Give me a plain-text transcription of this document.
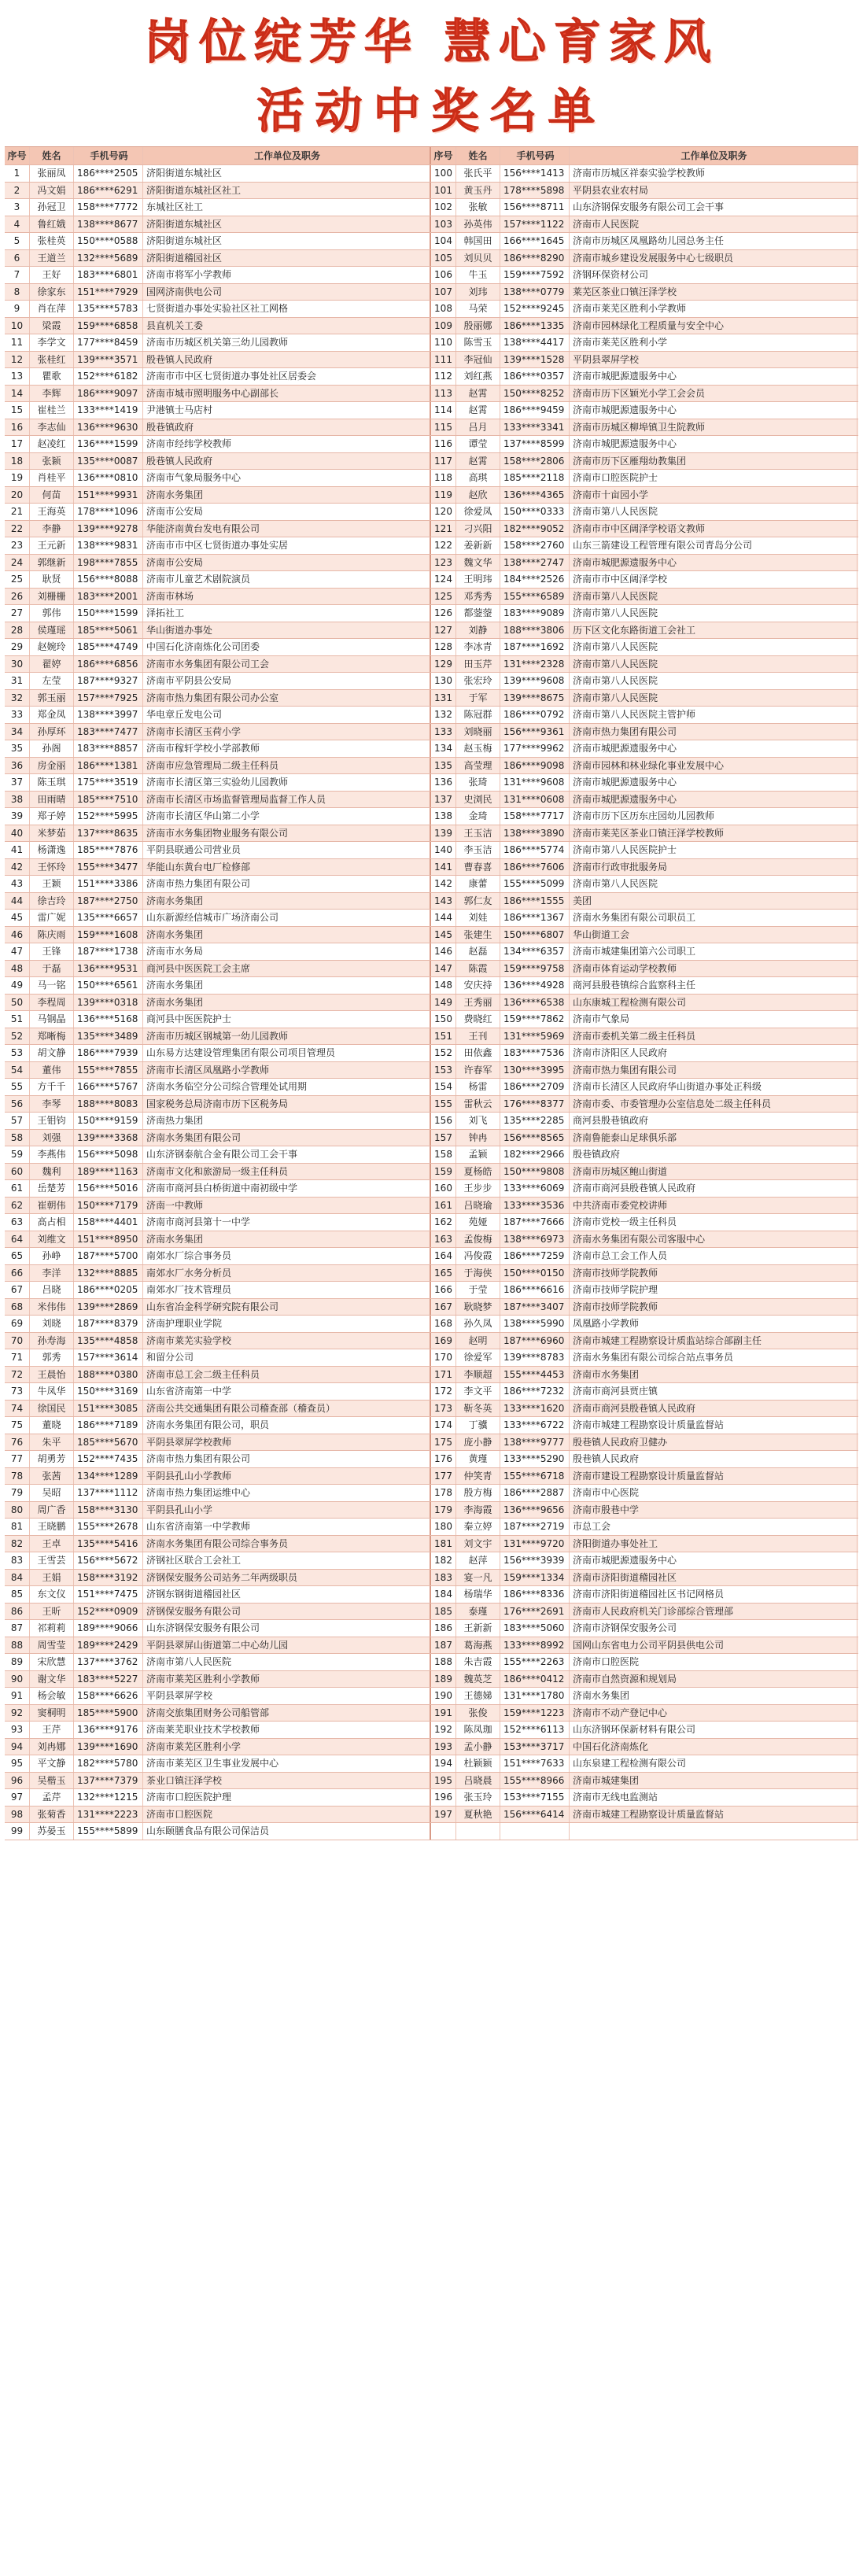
岗位绽芳华 慧心育家风
活动中奖名单
序号	姓名	手机号码	工作单位及职务	序号	姓名	手机号码	工作单位及职务
1	张丽凤	186****2505 济阳街道东城社区	100	张氏平	156****1413 济南市历城区祥泰实验学校教师
2	冯文娟	186****6291 济阳街道东城社区社工	101	黄玉丹	178****5898 平阴县农业农村局
3	孙冠卫	158****7772 东城社区社工	102	张敏	156****8711 山东济钢保安服务有限公司工会干事
4	鲁红娥	138****8677 济阳街道东城社区	103	孙英伟	157****1122 济南市人民医院
5	张桂英	150****0588 济阳街道东城社区	104	韩国田	166****1645 济南市历城区凤凰路幼儿园总务主任
6	王道兰	132****5689 济阳街道稽园社区	105	刘贝贝	186****8290 济南市城乡建设发展服务中心七级职员
7	王好	183****6801 济南市将军小学教师	106	牛玉	159****7592 济钢环保资材公司
8	徐家东	151****7929 国网济南供电公司	107	刘玮	138****0779 莱芜区茶业口镇汪泽学校
9	肖在萍	135****5783 七贤街道办事处实验社区社工网格	108	马荣	152****9245 济南市莱芜区胜利小学教师
10	梁霞	159****6858 县直机关工委	109	殷丽娜	186****1335 济南市园林绿化工程质量与安全中心
11	李学文	177****8459 济南市历城区机关第三幼儿园教师	110	陈雪玉	138****4417 济南市莱芜区胜利小学
12	张桂红	139****3571 殷巷镇人民政府	111	李冠仙	139****1528 平阴县翠屏学校
13	瞿歌	152****6182 济南市市中区七贤街道办事处社区居委会	112	刘红燕	186****0357 济南市城肥源遗服务中心
14	李辉	186****9097 济南市城市照明服务中心副部长	113	赵霄	150****8252 济南市历下区颖光小学工会会员
15	崔桂兰	133****1419 尹港镇士马店村	114	赵霄	186****9459 济南市城肥源遗服务中心
16	李志仙	136****9630 殷巷镇政府	115	吕月	133****3341 济南市历城区柳埠镇卫生院教师
17	赵凌红	136****1599 济南市经纬学校教师	116	谭莹	137****8599 济南市城肥源遗服务中心
18	张颖	135****0087 殷巷镇人民政府	117	赵霄	158****2806 济南市历下区雁翔幼教集团
19	肖桂平	136****0810 济南市气象局服务中心	118	高琪	185****2118 济南市口腔医院护士
20	何苗	151****9931 济南水务集团	119	赵欣	136****4365 济南市十亩园小学
21	王海英	178****1096 济南市公安局	120	徐爱凤	150****0333 济南市第八人民医院
22	李静	139****9278 华能济南黄台发电有限公司	121	刁兴阳	182****9052 济南市市中区阔泽学校语文教师
23	王元新	138****9831 济南市市中区七贤街道办事处实居	122	姜新新	158****2760 山东三箭建设工程管理有限公司青岛分公司
24	郭继新	198****7855 济南市公安局	123	魏文华	138****2747 济南市城肥源遗服务中心
25	耿贤	156****8088 济南市儿童艺术剧院演员	124	王明玮	184****2526 济南市市中区阔泽学校
26	刘栅栅	183****2001 济南市林场	125	邓秀秀	155****6589 济南市第八人民医院
27	郭伟	150****1599 泽拓社工	126	都蓥蓥	183****9089 济南市第八人民医院
28	侯瑾瑶	185****5061 华山街道办事处	127	刘静	188****3806 历下区文化东路街道工会社工
29	赵婉玲	185****4749 中国石化济南炼化公司团委	128	李冰青	187****1692 济南市第八人民医院
30	翟婷	186****6856 济南市水务集团有限公司工会	129	田玉芹	131****2328 济南市第八人民医院
31	左莹	187****9327 济南市平阴县公安局	130	张宏玲	139****9608 济南市第八人民医院
32	郭玉丽	157****7925 济南市热力集团有限公司办公室	131	于军	139****8675 济南市第八人民医院
33	郑金凤	138****3997 华电章丘发电公司	132	陈冠群	186****0792 济南市第八人民医院主管护师
34	孙厚环	183****7477 济南市长清区玉荷小学	133	刘晓丽	156****9361 济南市热力集团有限公司
35	孙阁	183****8857 济南市稼轩学校小学部教师	134	赵玉梅	177****9962 济南市城肥源遗服务中心
36	房金丽	186****1381 济南市应急管理局二级主任科员	135	高莹理	186****9098 济南市园林和林业绿化事业发展中心
37	陈玉琪	175****3519 济南市长清区第三实验幼儿园教师	136	张琦	131****9608 济南市城肥源遗服务中心
38	田雨晴	185****7510 济南市长清区市场监督管理局监督工作人员	137	史浏民	131****0608 济南市城肥源遗服务中心
39	郑子婷	152****5995 济南市长清区华山第二小学	138	金琦	158****7717 济南市历下区历东庄园幼儿园教师
40	米梦茹	137****8635 济南市水务集团物业服务有限公司	139	王玉洁	138****3890 济南市莱芜区茶业口镇汪泽学校教师
41	杨潇逸	185****7876 平阴县联通公司营业员	140	李玉洁	186****5774 济南市第八人民医院护士
42	王怀玲	155****3477 华能山东黄台电厂检修部	141	曹春喜	186****7606 济南市行政审批服务局
43	王颖	151****3386 济南市热力集团有限公司	142	康蕾	155****5099 济南市第八人民医院
44	徐吉玲	187****2750 济南水务集团	143	郭仁友	186****1555 美团
45	雷广妮	135****6657 山东新源经信城市广场济南公司	144	刘娃	186****1367 济南水务集团有限公司职员工
46	陈庆雨	159****1608 济南水务集团	145	张建生	150****6807 华山街道工会
47	王锋	187****1738 济南市水务局	146	赵磊	134****6357 济南市城建集团第六公司职工
48	于磊	136****9531 商河县中医医院工会主席	147	陈霞	159****9758 济南市体育运动学校教师
49	马一铭	150****6561 济南水务集团	148	安庆持	136****4928 商河县殷巷镇综合监察科主任
50	李程周	139****0318 济南水务集团	149	王秀丽	136****6538 山东康城工程检测有限公司
51	马钢晶	136****5168 商河县中医医院护士	150	费晓红	159****7862 济南市气象局
52	郑晰梅	135****3489 济南市历城区钢城第一幼儿园教师	151	王刊	131****5969 济南市委机关第二级主任科员
53	胡文静	186****7939 山东易方达建设管理集团有限公司项目管理员	152	田依鑫	183****7536 济南市济阳区人民政府
54	董伟	155****7855 济南市长清区凤凰路小学教师	153	许春军	130****3995 济南市热力集团有限公司
55	方千千	166****5767 济南水务临空分公司综合管理处试用期	154	杨雷	186****2709 济南市长清区人民政府华山街道办事处正科级
56	李琴	188****8083 国家税务总局济南市历下区税务局	155	雷秋云	176****8377 济南市委、市委管理办公室信息处二级主任科员
57	王钼钧	150****9159 济南热力集团	156	刘飞	135****2285 商河县殷巷镇政府
58	刘强	139****3368 济南水务集团有限公司	157	钟冉	156****8565 济南鲁能泰山足球俱乐部
59	李燕伟	156****5098 山东济钢泰航合金有限公司工会干事	158	孟颖	182****2966 殷巷镇政府
60	魏利	189****1163 济南市文化和旅游局一级主任科员	159	夏杨皓	150****9808 济南市历城区鲍山街道
61	岳楚芳	156****5016 济南市商河县白桥街道中南初级中学	160	王步步	133****6069 济南市商河县殷巷镇人民政府
62	崔朝伟	150****7179 济南一中教师	161	吕晓瑜	133****3536 中共济南市委党校讲师
63	高占相	158****4401 济南市商河县第十一中学	162	苑娅	187****7666 济南市党校一级主任科员
64	刘维文	151****8950 济南水务集团	163	孟俊梅	138****6973 济南水务集团有限公司客服中心
65	孙峥	187****5700 南郊水厂综合事务员	164	冯俊霞	186****7259 济南市总工会工作人员
66	李洋	132****8885 南郊水厂水务分析员	165	于海侠	150****0150 济南市技师学院教师
67	吕晓	186****0205 南郊水厂技术管理员	166	于莹	186****6616 济南市技师学院护理
68	米伟伟	139****2869 山东省冶金科学研究院有限公司	167	耿晓梦	187****3407 济南市技师学院教师
69	刘晓	187****8379 济南护理职业学院	168	孙久凤	138****5990 凤凰路小学教师
70	孙寿海	135****4858 济南市莱芜实验学校	169	赵明	187****6960 济南市城建工程勘察设计质监站综合部副主任
71	郭秀	157****3614 和留分公司	170	徐爱军	139****8783 济南水务集团有限公司综合站点事务员
72	王晨怡	188****0380 济南市总工会二级主任科员	171	李顺超	155****4453 济南市水务集团
73	牛凤华	150****3169 山东省济南第一中学	172	李文平	186****7232 济南市商河县贾庄镇
74	徐国民	151****3085 济南公共交通集团有限公司稽查部（稽查员）	173	靳冬英	133****1620 济南市商河县殷巷镇人民政府
75	董晓	186****7189 济南水务集团有限公司，职员	174	丁骥	133****6722 济南市城建工程勘察设计质量监督站
76	朱平	185****5670 平阴县翠屏学校教师	175	庞小静	138****9777 殷巷镇人民政府卫健办
77	胡勇芳	152****7435 济南市热力集团有限公司	176	黄瑾	133****5290 殷巷镇人民政府
78	张茜	134****1289 平阴县孔山小学教师	177	仲笑青	155****6718 济南市建设工程勘察设计质量监督站
79	吴昭	137****1112 济南市热力集团运维中心	178	殷方梅	186****2887 济南市中心医院
80	周广香	158****3130 平阴县孔山小学	179	李海霞	136****9656 济南市殷巷中学
81	王晓鹏	155****2678 山东省济南第一中学教师	180	秦立婷	187****2719 市总工会
82	王卓	135****5416 济南水务集团有限公司综合事务员	181	刘文宇	131****9720 济阳街道办事处社工
83	王雪芸	156****5672 济钢社区联合工会社工	182	赵萍	156****3939 济南市城肥源遗服务中心
84	王娟	158****3192 济钢保安服务公司站务二年两级职员	183	宴一凡	159****1334 济南市济阳街道稽园社区
85	东文仪	151****7475 济钢东钢街道稽园社区	184	杨瑞华	186****8336 济南市济阳街道稽园社区书记网格员
86	王昕	152****0909 济钢保安服务有限公司	185	泰瑾	176****2691 济南市人民政府机关门诊部综合管理部
87	祁莉莉	189****9066 山东济钢保安服务有限公司	186	王新新	183****5060 济南市济钢保安服务公司
88	周雪莹	189****2429 平阴县翠屏山街道第二中心幼儿园	187	葛海燕	133****8992 国网山东省电力公司平阴县供电公司
89	宋欣慧	137****3762 济南市第八人民医院	188	朱吉霞	155****2263 济南市口腔医院
90	谢文华	183****5227 济南市莱芜区胜利小学教师	189	魏英芝	186****0412 济南市自然资源和规划局
91	杨会敏	158****6626 平阴县翠屏学校	190	王德娣	131****1780 济南水务集团
92	窦桐明	185****5900 济南交旅集团财务公司船管部	191	张俊	159****1223 济南市不动产登记中心
93	王芹	136****9176 济南莱芜职业技术学校教师	192	陈凤珈	152****6113 山东济钢环保新材料有限公司
94	刘冉娜	139****1690 济南市莱芜区胜利小学	193	孟小静	153****3717 中国石化济南炼化
95	平文静	182****5780 济南市莱芜区卫生事业发展中心	194	杜颖颖	151****7633 山东泉建工程检测有限公司
96	吴楷玉	137****7379 茶业口镇汪泽学校	195	吕晓晨	155****8966 济南市城建集团
97	孟芹	132****1215 济南市口腔医院护理	196	张玉玲	153****7155 济南市无线电监测站
98	张菊香	131****2223 济南市口腔医院	197	夏秋艳	156****6414 济南市城建工程勘察设计质量监督站
99	苏晏玉	155****5899 山东颐膳食品有限公司保洁员
